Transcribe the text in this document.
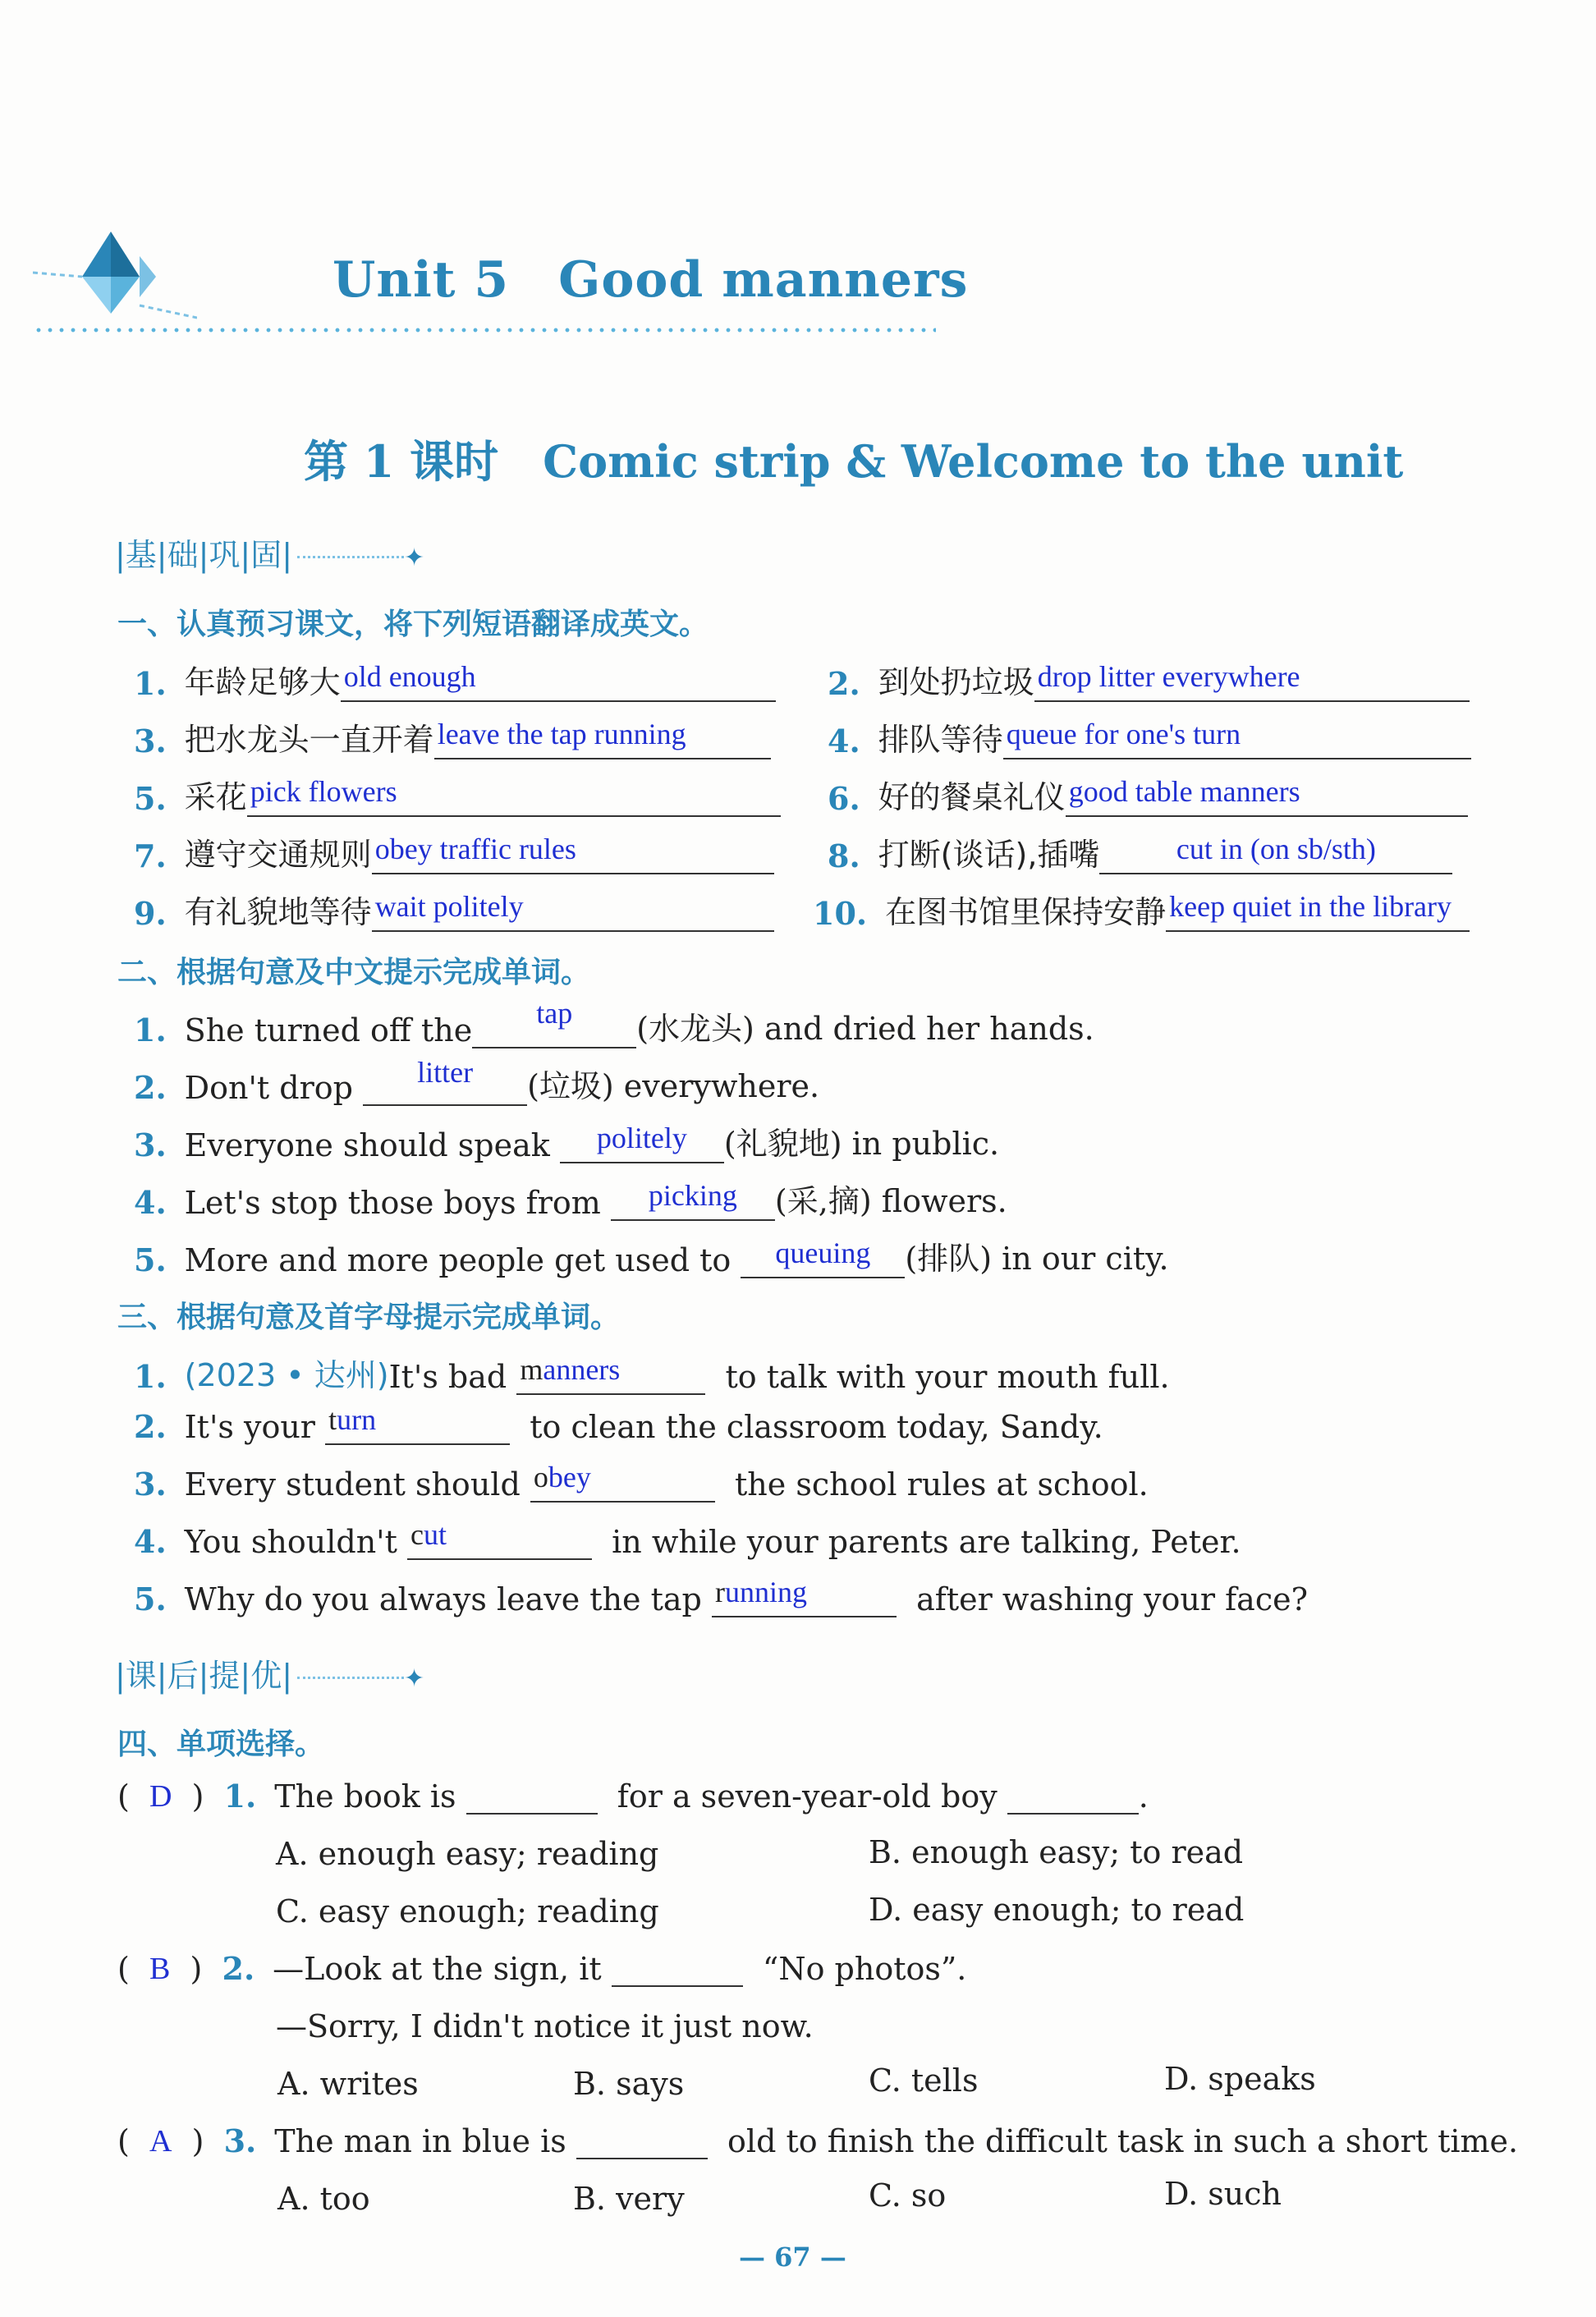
Unit 5 Good manners
第 1 课时　Comic strip & Welcome to the unit
|基|础|巩|固|	✦
一、认真预习课文，将下列短语翻译成英文。
1. 年龄足够大 old enough	2. 到处扔垃圾 drop litter everywhere
3. 把水龙头一直开着 leave the tap running	4. 排队等待 queue for one's turn
5. 采花 pick flowers	6. 好的餐桌礼仪 good table manners
7. 遵守交通规则 obey traffic rules	8. 打断(谈话),插嘴	cut in (on sb/sth)
9. 有礼貌地等待 wait politely	10. 在图书馆里保持安静 keep quiet in the library
二、根据句意及中文提示完成单词。
1. She turned off the	tap	(水龙头) and dried her hands.
2. Don't drop
	litter	(垃圾) everywhere.
3. Everyone should speak
	politely	(礼貌地) in public.
4. Let's stop those boys from
	picking	(采,摘) flowers.
5. More and more people get used to
	queuing	(排队) in our city.
三、根据句意及首字母提示完成单词。
1. (2023 • 达州) It's bad
manners
	to talk with your mouth full.
2. It's your
turn
	to clean the classroom today, Sandy.
3. Every student should
obey
	the school rules at school.
4. You shouldn't
cut
	in while your parents are talking, Peter.
5. Why do you always leave the tap
running
	after washing your face?
|课|后|提|优|	✦
四、单项选择。
( D ) 1. The book is

	for a seven-year-old boy
	.
A. enough easy; reading	B. enough easy; to read
C. easy enough; reading	D. easy enough; to read
( B ) 2. —Look at the sign, it

	“No photos”.
—Sorry, I didn't notice it just now.
A. writes	B. says	C. tells	D. speaks
( A ) 3. The man in blue is

	old to finish the difficult task in such a short time.
A. too	B. very	C. so	D. such
— 67 —
